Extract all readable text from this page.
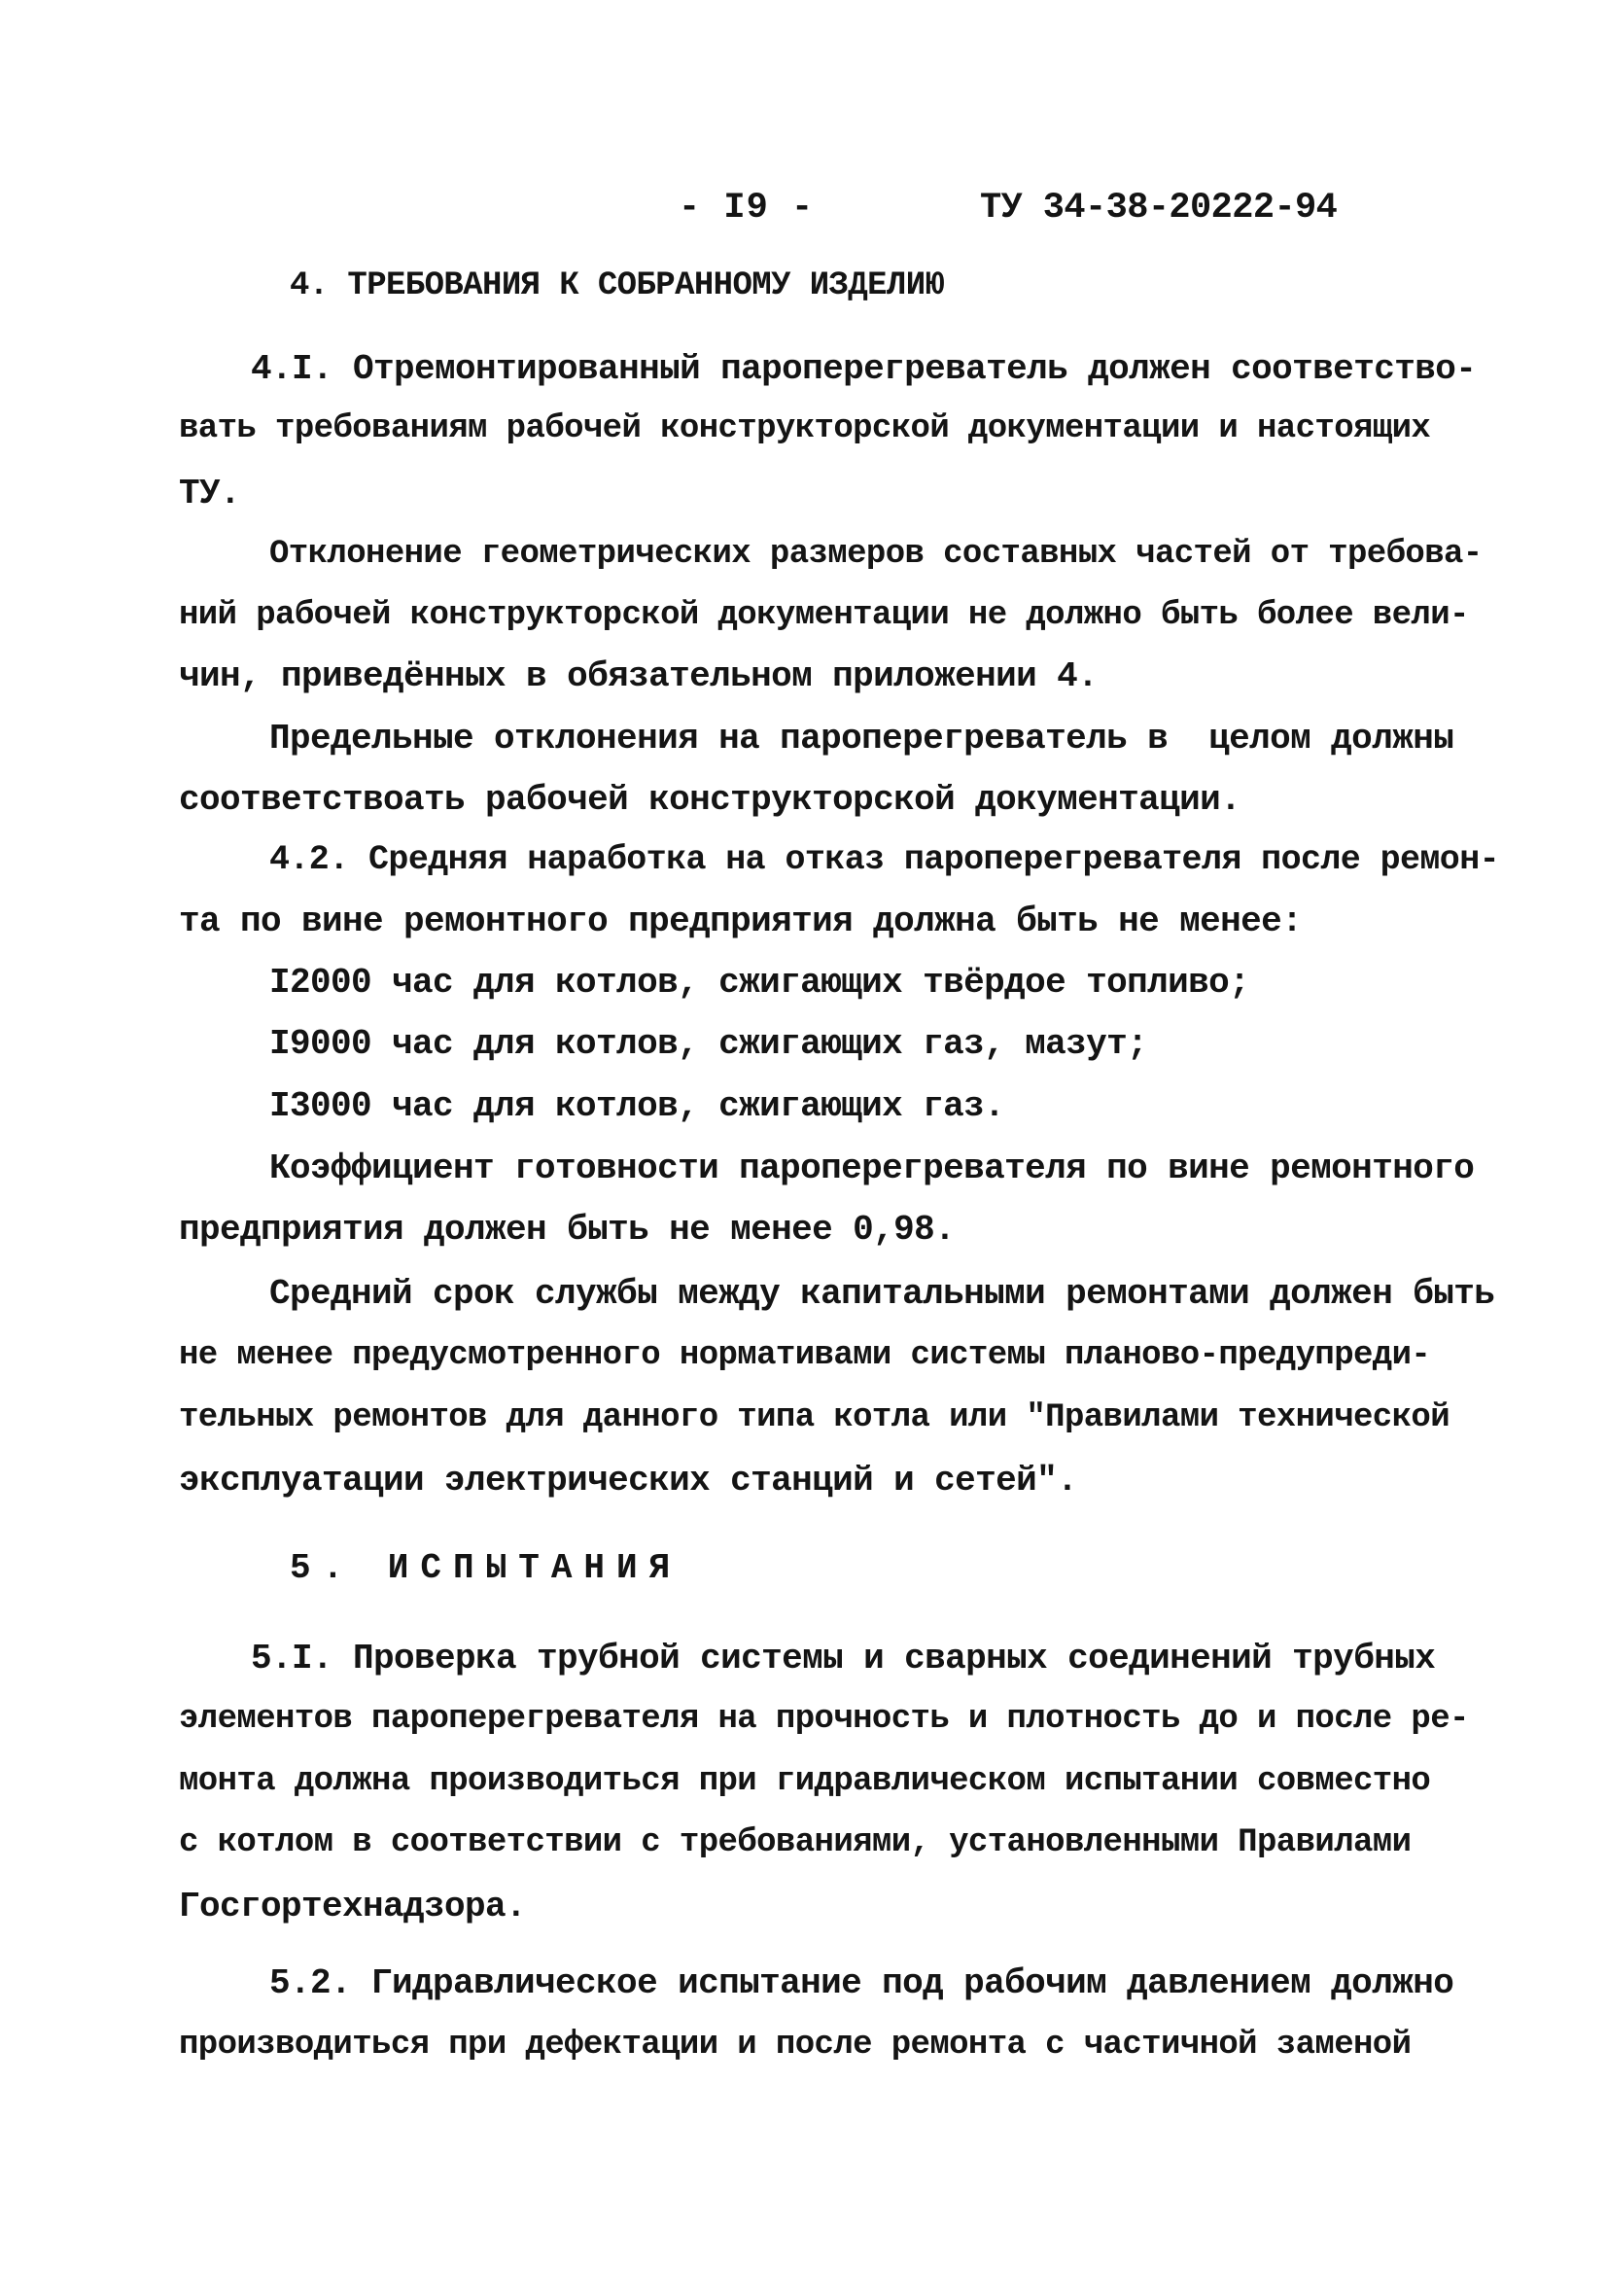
- I9 -

	ТУ 34-38-20222-94

4. ТРЕБОВАНИЯ К СОБРАННОМУ ИЗДЕЛИЮ

4.I. Отремонтированный пароперегреватель должен соответство-

вать требованиям рабочей конструкторской документации и настоящих

ТУ.

Отклонение геометрических размеров составных частей от требова-

ний рабочей конструкторской документации не должно быть более вели-

чин, приведённых в обязательном приложении 4.

Предельные отклонения на пароперегреватель в  целом должны

соответствоать рабочей конструкторской документации.

4.2. Средняя наработка на отказ пароперегревателя после ремон-

та по вине ремонтного предприятия должна быть не менее:

I2000 час для котлов, сжигающих твёрдое топливо;

I9000 час для котлов, сжигающих газ, мазут;

I3000 час для котлов, сжигающих газ.

Коэффициент готовности пароперегревателя по вине ремонтного

предприятия должен быть не менее 0,98.

Средний срок службы между капитальными ремонтами должен быть

не менее предусмотренного нормативами системы планово-предупреди-

тельных ремонтов для данного типа котла или "Правилами технической

эксплуатации электрических станций и сетей".

5. ИСПЫТАНИЯ

5.I. Проверка трубной системы и сварных соединений трубных

элементов пароперегревателя на прочность и плотность до и после ре-

монта должна производиться при гидравлическом испытании совместно

с котлом в соответствии с требованиями, установленными Правилами

Госгортехнадзора.

5.2. Гидравлическое испытание под рабочим давлением должно

производиться при дефектации и после ремонта с частичной заменой
